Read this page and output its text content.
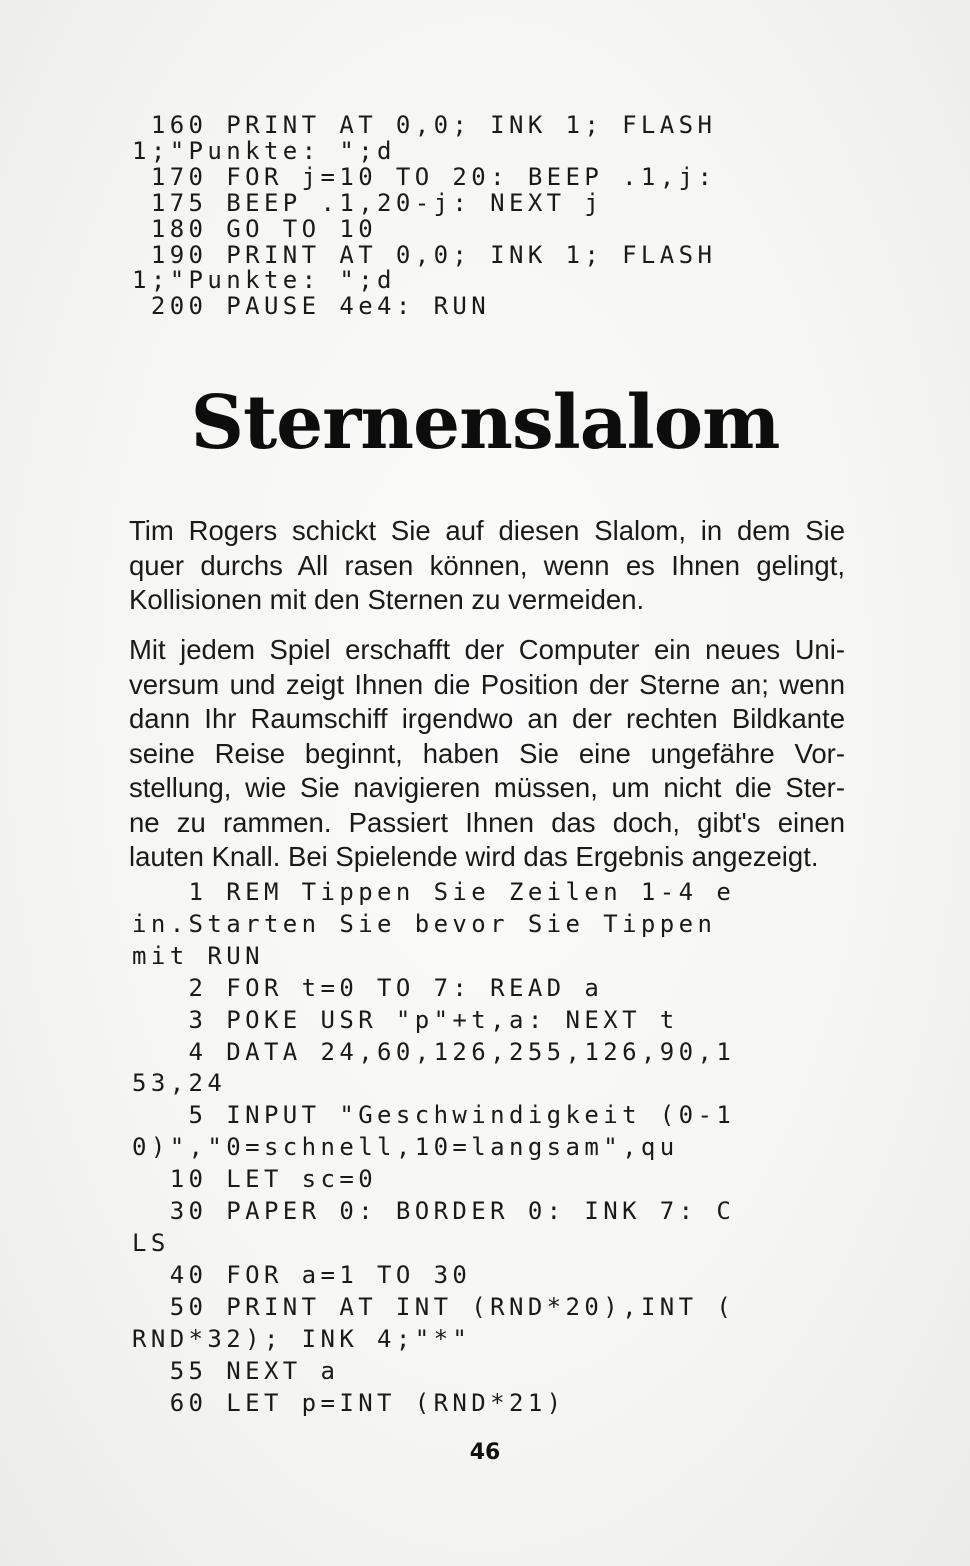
160 PRINT AT 0,0; INK 1; FLASH
1;"Punkte: ";d
170 FOR j=10 TO 20: BEEP .1,j:
175 BEEP .1,20-j: NEXT j
180 GO TO 10
190 PRINT AT 0,0; INK 1; FLASH
1;"Punkte: ";d
200 PAUSE 4e4: RUN
Sternenslalom

Tim Rogers schickt Sie auf diesen Slalom, in dem Sie
quer durchs All rasen können, wenn es Ihnen gelingt,
Kollisionen mit den Sternen zu vermeiden.

Mit jedem Spiel erschafft der Computer ein neues Uni-
versum und zeigt Ihnen die Position der Sterne an; wenn
dann Ihr Raumschiff irgendwo an der rechten Bildkante
seine Reise beginnt, haben Sie eine ungefähre Vor-
stellung, wie Sie navigieren müssen, um nicht die Ster-
ne zu rammen. Passiert Ihnen das doch, gibt's einen
lauten Knall. Bei Spielende wird das Ergebnis angezeigt.

1 REM Tippen Sie Zeilen 1-4 e
in.Starten Sie bevor Sie Tippen
mit RUN
2 FOR t=0 TO 7: READ a
3 POKE USR "p"+t,a: NEXT t
4 DATA 24,60,126,255,126,90,1
53,24
5 INPUT "Geschwindigkeit (0-1
0)","0=schnell,10=langsam",qu
10 LET sc=0
30 PAPER 0: BORDER 0: INK 7: C
LS
40 FOR a=1 TO 30
50 PRINT AT INT (RND*20),INT (
RND*32); INK 4;"*"
55 NEXT a
60 LET p=INT (RND*21)
46
